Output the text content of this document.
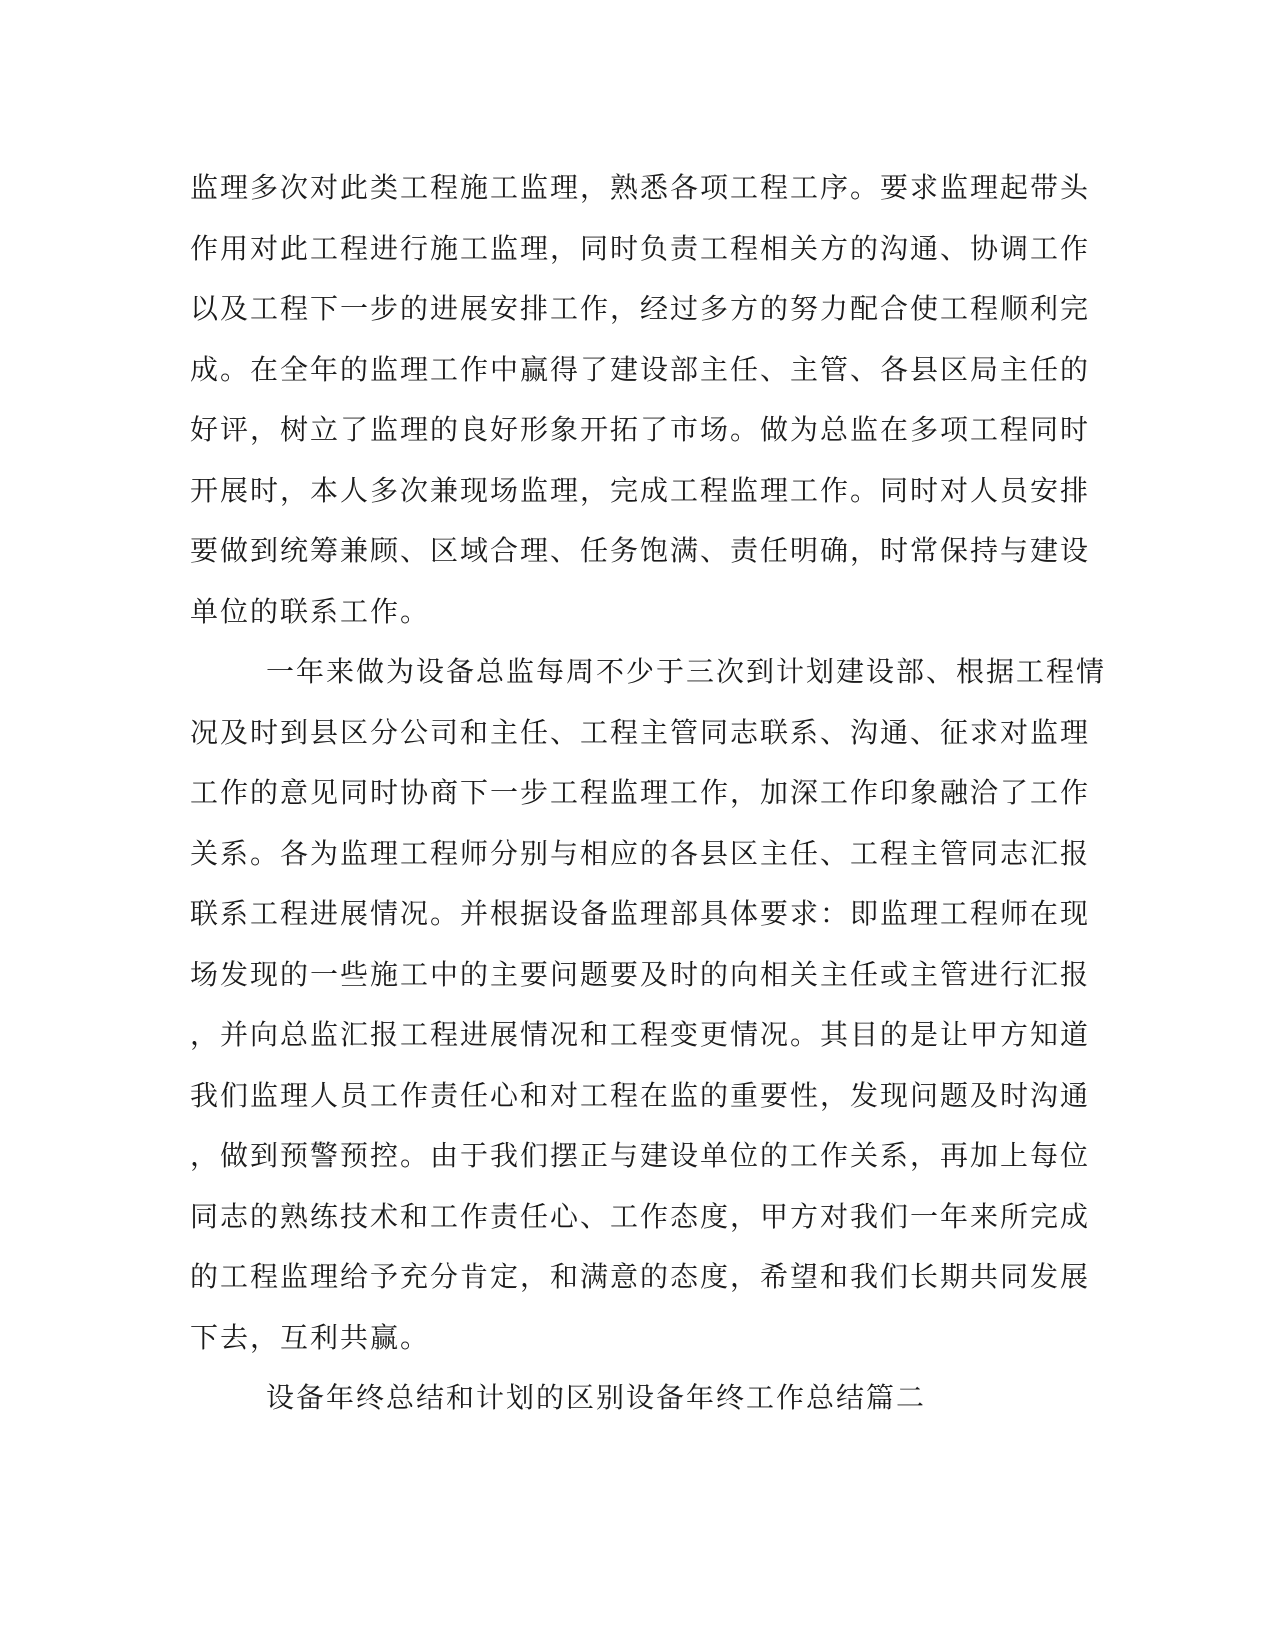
监理多次对此类工程施工监理，熟悉各项工程工序。要求监理起带头
作用对此工程进行施工监理，同时负责工程相关方的沟通、协调工作
以及工程下一步的进展安排工作，经过多方的努力配合使工程顺利完
成。在全年的监理工作中赢得了建设部主任、主管、各县区局主任的
好评，树立了监理的良好形象开拓了市场。做为总监在多项工程同时
开展时，本人多次兼现场监理，完成工程监理工作。同时对人员安排
要做到统筹兼顾、区域合理、任务饱满、责任明确，时常保持与建设
单位的联系工作。
一年来做为设备总监每周不少于三次到计划建设部、根据工程情
况及时到县区分公司和主任、工程主管同志联系、沟通、征求对监理
工作的意见同时协商下一步工程监理工作，加深工作印象融洽了工作
关系。各为监理工程师分别与相应的各县区主任、工程主管同志汇报
联系工程进展情况。并根据设备监理部具体要求：即监理工程师在现
场发现的一些施工中的主要问题要及时的向相关主任或主管进行汇报
，并向总监汇报工程进展情况和工程变更情况。其目的是让甲方知道
我们监理人员工作责任心和对工程在监的重要性，发现问题及时沟通
，做到预警预控。由于我们摆正与建设单位的工作关系，再加上每位
同志的熟练技术和工作责任心、工作态度，甲方对我们一年来所完成
的工程监理给予充分肯定，和满意的态度，希望和我们长期共同发展
下去，互利共赢。
设备年终总结和计划的区别设备年终工作总结篇二
